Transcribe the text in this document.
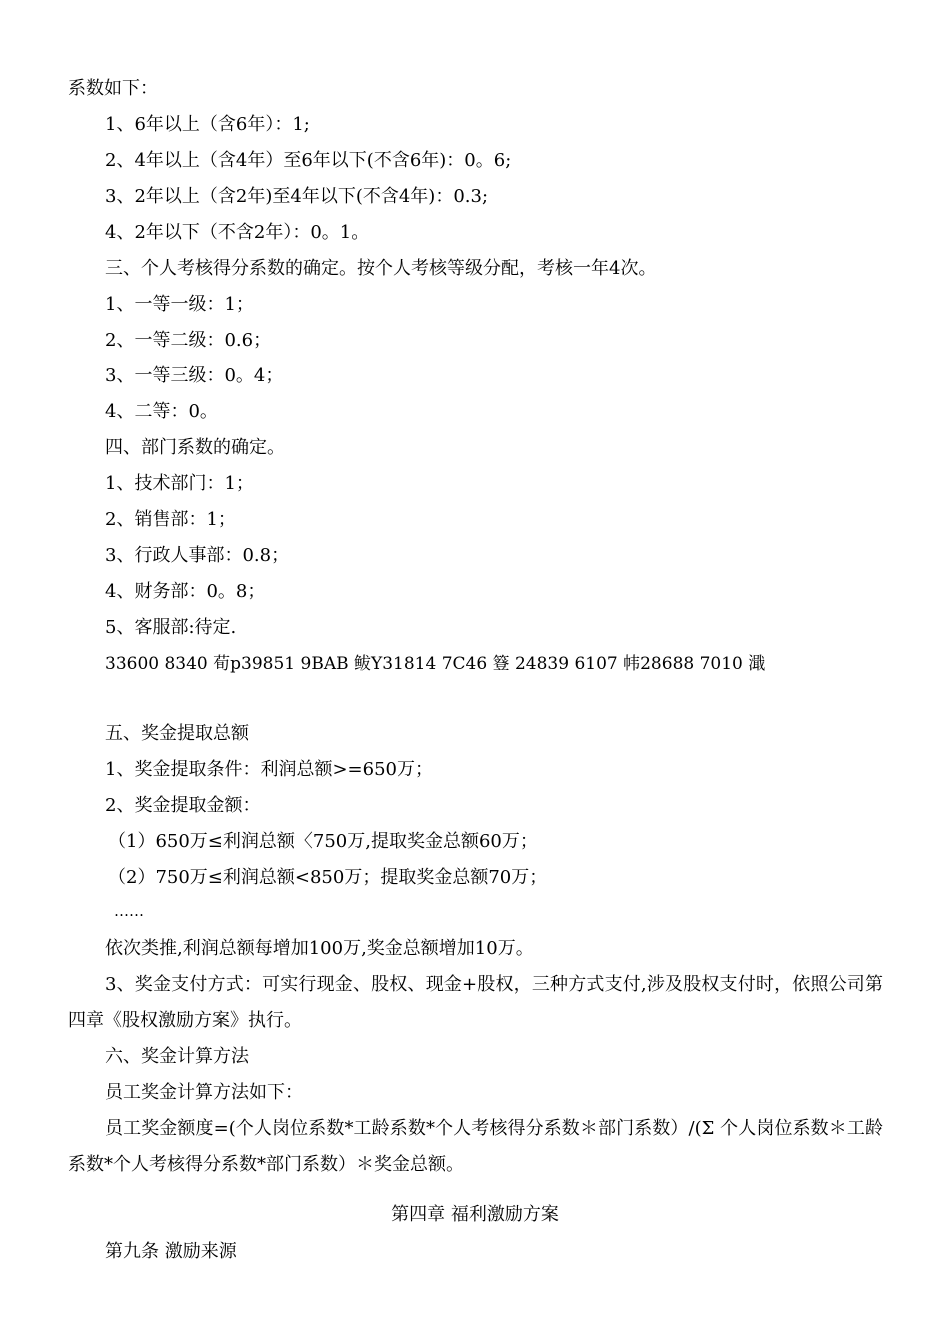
系数如下：
1、6年以上（含6年）：1;
2、4年以上（含4年）至6年以下(不含6年)：0。6;
3、2年以上（含2年)至4年以下(不含4年)：0.3;
4、2年以下（不含2年）：0。1。
三、个人考核得分系数的确定。按个人考核等级分配，考核一年4次。
1、一等一级：1；
2、一等二级：0.6；
3、一等三级：0。4；
4、二等：0。
四、部门系数的确定。
1、技术部门：1；
2、销售部：1；
3、行政人事部：0.8；
4、财务部：0。8；
5、客服部:待定.
33600 8340 荀p39851 9BAB 鲅Y31814 7C46 簦 24839 6107 帏28688 7010 濈
五、奖金提取总额
1、奖金提取条件：利润总额>=650万；
2、奖金提取金额：
（1）650万≤利润总额〈750万,提取奖金总额60万；
（2）750万≤利润总额<850万；提取奖金总额70万；
……
依次类推,利润总额每增加100万,奖金总额增加10万。
3、奖金支付方式：可实行现金、股权、现金+股权，三种方式支付,涉及股权支付时，依照公司第四章《股权激励方案》执行。
六、奖金计算方法
员工奖金计算方法如下：
员工奖金额度=(个人岗位系数*工龄系数*个人考核得分系数＊部门系数）/(Σ 个人岗位系数＊工龄系数*个人考核得分系数*部门系数）＊奖金总额。
第四章 福利激励方案
第九条 激励来源
